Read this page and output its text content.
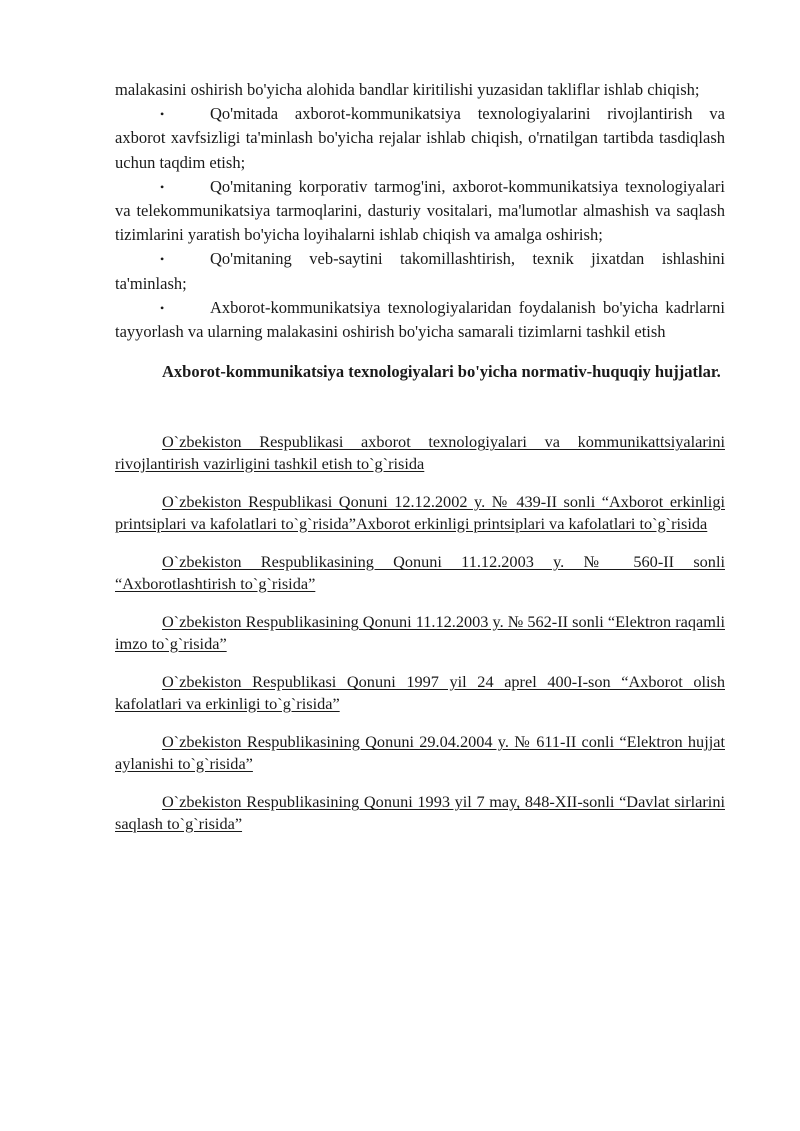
malakasini oshirish bo'yicha alohida bandlar kiritilishi yuzasidan takliflar ishlab chiqish;

•	Qo'mitada axborot-kommunikatsiya texnologiyalarini rivojlantirish va axborot xavfsizligi ta'minlash bo'yicha rejalar ishlab chiqish, o'rnatilgan tartibda tasdiqlash uchun taqdim etish;
•	Qo'mitaning korporativ tarmog'ini, axborot-kommunikatsiya texnologiyalari va telekommunikatsiya tarmoqlarini, dasturiy vositalari, ma'lumotlar almashish va saqlash tizimlarini yaratish bo'yicha loyihalarni ishlab chiqish va amalga oshirish;
•	Qo'mitaning veb-saytini takomillashtirish, texnik jixatdan ishlashini ta'minlash;
•	Axborot-kommunikatsiya texnologiyalaridan foydalanish bo'yicha kadrlarni tayyorlash va ularning malakasini oshirish bo'yicha samarali tizimlarni tashkil etish

Axborot-kommunikatsiya texnologiyalari bo'yicha normativ-huquqiy hujjatlar.

O`zbekiston Respublikasi axborot texnologiyalari va kommunikattsiyalarini rivojlantirish vazirligini tashkil etish to`g`risida
O`zbekiston Respublikasi Qonuni 12.12.2002 y. № 439-II sonli “Axborot erkinligi printsiplari va kafolatlari to`g`risida”Axborot erkinligi printsiplari va kafolatlari to`g`risida
O`zbekiston Respublikasining Qonuni 11.12.2003 y. № 560-II sonli “Axborotlashtirish to`g`risida”
O`zbekiston Respublikasining Qonuni 11.12.2003 y. № 562-II sonli “Elektron raqamli imzo to`g`risida”
O`zbekiston Respublikasi Qonuni 1997 yil 24 aprel 400-I-son “Axborot olish kafolatlari va erkinligi to`g`risida”
O`zbekiston Respublikasining Qonuni 29.04.2004 y. № 611-II conli “Elektron hujjat aylanishi to`g`risida”
O`zbekiston Respublikasining Qonuni 1993 yil 7 may, 848-XII-sonli “Davlat sirlarini saqlash to`g`risida”
